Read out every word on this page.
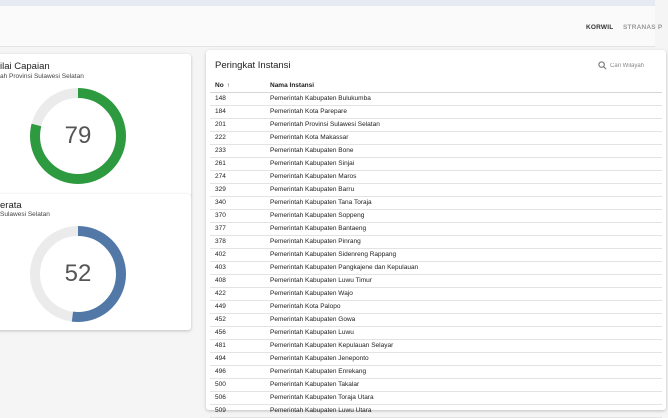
KORWIL STRANAS P
ilai Capaian
ah Provinsi Sulawesi Selatan
79
erata
Sulawesi Selatan
52
Peringkat Instansi
Cari Wilayah
No ↑	Nama Instansi
148	Pemerintah Kabupaten Bulukumba
184	Pemerintah Kota Parepare
201	Pemerintah Provinsi Sulawesi Selatan
222	Pemerintah Kota Makassar
233	Pemerintah Kabupaten Bone
261	Pemerintah Kabupaten Sinjai
274	Pemerintah Kabupaten Maros
329	Pemerintah Kabupaten Barru
340	Pemerintah Kabupaten Tana Toraja
370	Pemerintah Kabupaten Soppeng
377	Pemerintah Kabupaten Bantaeng
378	Pemerintah Kabupaten Pinrang
402	Pemerintah Kabupaten Sidenreng Rappang
403	Pemerintah Kabupaten Pangkajene dan Kepulauan
408	Pemerintah Kabupaten Luwu Timur
422	Pemerintah Kabupaten Wajo
449	Pemerintah Kota Palopo
452	Pemerintah Kabupaten Gowa
456	Pemerintah Kabupaten Luwu
481	Pemerintah Kabupaten Kepulauan Selayar
494	Pemerintah Kabupaten Jeneponto
496	Pemerintah Kabupaten Enrekang
500	Pemerintah Kabupaten Takalar
506	Pemerintah Kabupaten Toraja Utara
509	Pemerintah Kabupaten Luwu Utara
